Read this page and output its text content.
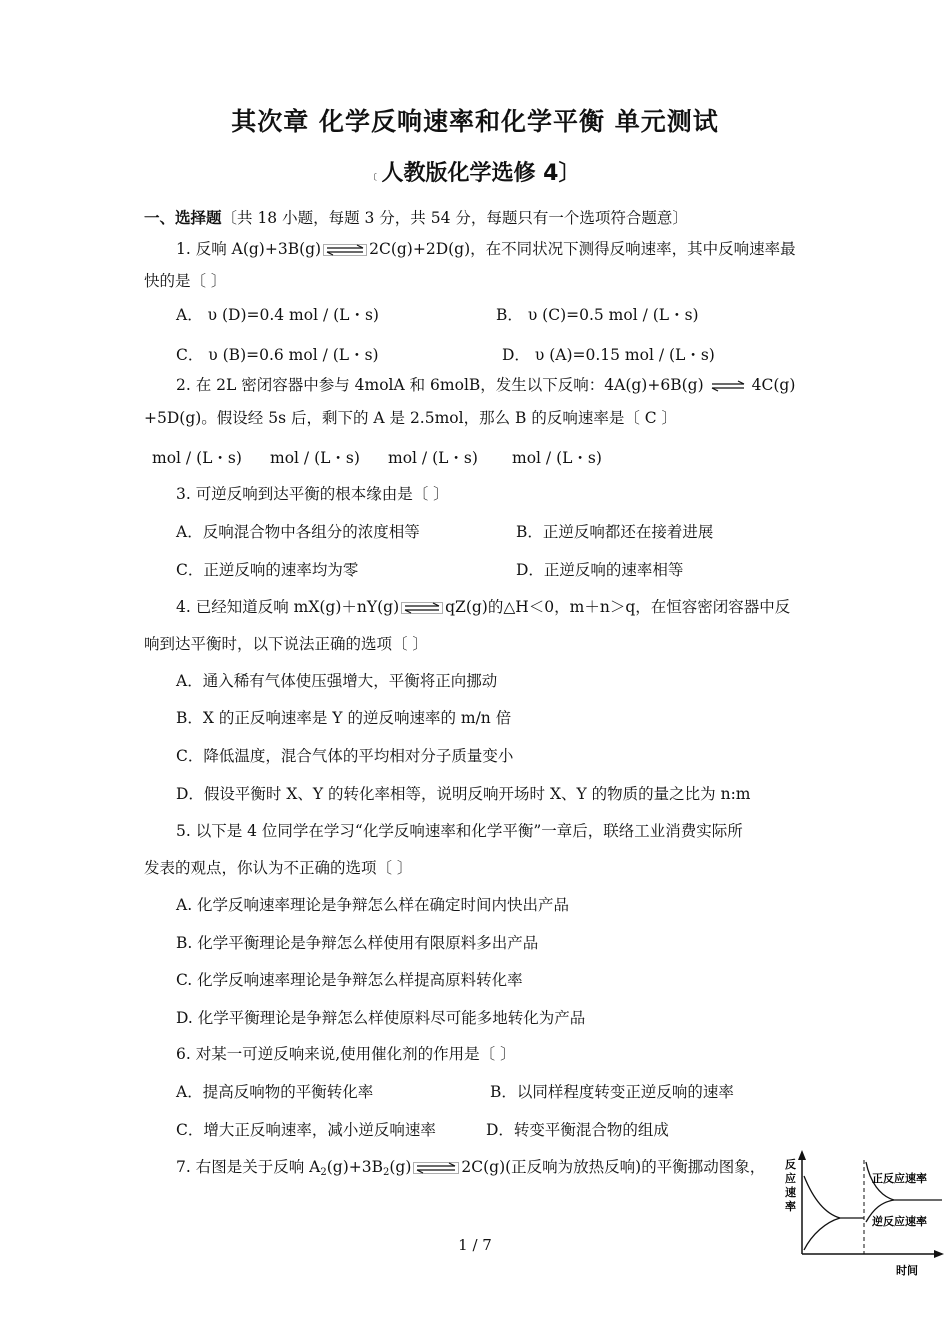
其次章 化学反响速率和化学平衡 单元测试
﹝人教版化学选修 4〕
一、选择题〔共 18 小题，每题 3 分，共 54 分，每题只有一个选项符合题意〕
1. 反响 A(g)+3B(g)	2C(g)+2D(g)，在不同状况下测得反响速率，其中反响速率最
快的是〔 〕
A． υ (D)=0.4 mol / (L・s)	B． υ (C)=0.5 mol / (L・s)
C． υ (B)=0.6 mol / (L・s)	D． υ (A)=0.15 mol / (L・s)
2. 在 2L 密闭容器中参与 4molA 和 6molB，发生以下反响：4A(g)+6B(g) ⇌ 4C(g)
+5D(g)。假设经 5s 后，剩下的 A 是 2.5mol，那么 B 的反响速率是〔 C 〕
mol / (L・s) mol / (L・s) mol / (L・s) mol / (L・s)
3. 可逆反响到达平衡的根本缘由是〔 〕
A．反响混合物中各组分的浓度相等	B．正逆反响都还在接着进展
C．正逆反响的速率均为零	D．正逆反响的速率相等
4. 已经知道反响 mX(g)＋nY(g)	qZ(g)的△H＜0，m＋n＞q，在恒容密闭容器中反
响到达平衡时，以下说法正确的选项〔 〕
A．通入稀有气体使压强增大，平衡将正向挪动
B．X 的正反响速率是 Y 的逆反响速率的 m/n 倍
C．降低温度，混合气体的平均相对分子质量变小
D．假设平衡时 X、Y 的转化率相等，说明反响开场时 X、Y 的物质的量之比为 n:m
5. 以下是 4 位同学在学习“化学反响速率和化学平衡”一章后，联络工业消费实际所
发表的观点，你认为不正确的选项〔 〕
A. 化学反响速率理论是争辩怎么样在确定时间内快出产品
B. 化学平衡理论是争辩怎么样使用有限原料多出产品
C. 化学反响速率理论是争辩怎么样提高原料转化率
D. 化学平衡理论是争辩怎么样使原料尽可能多地转化为产品
6. 对某一可逆反响来说,使用催化剂的作用是〔 〕
A．提高反响物的平衡转化率	B．以同样程度转变正逆反响的速率
C．增大正反响速率，减小逆反响速率	D．转变平衡混合物的组成
7. 右图是关于反响 $A_2(g)+3B_2(g)$	2C(g)(正反响为放热反响)的平衡挪动图象， 反
应
速
率
正反应速率
逆反应速率
时间
1 / 7
